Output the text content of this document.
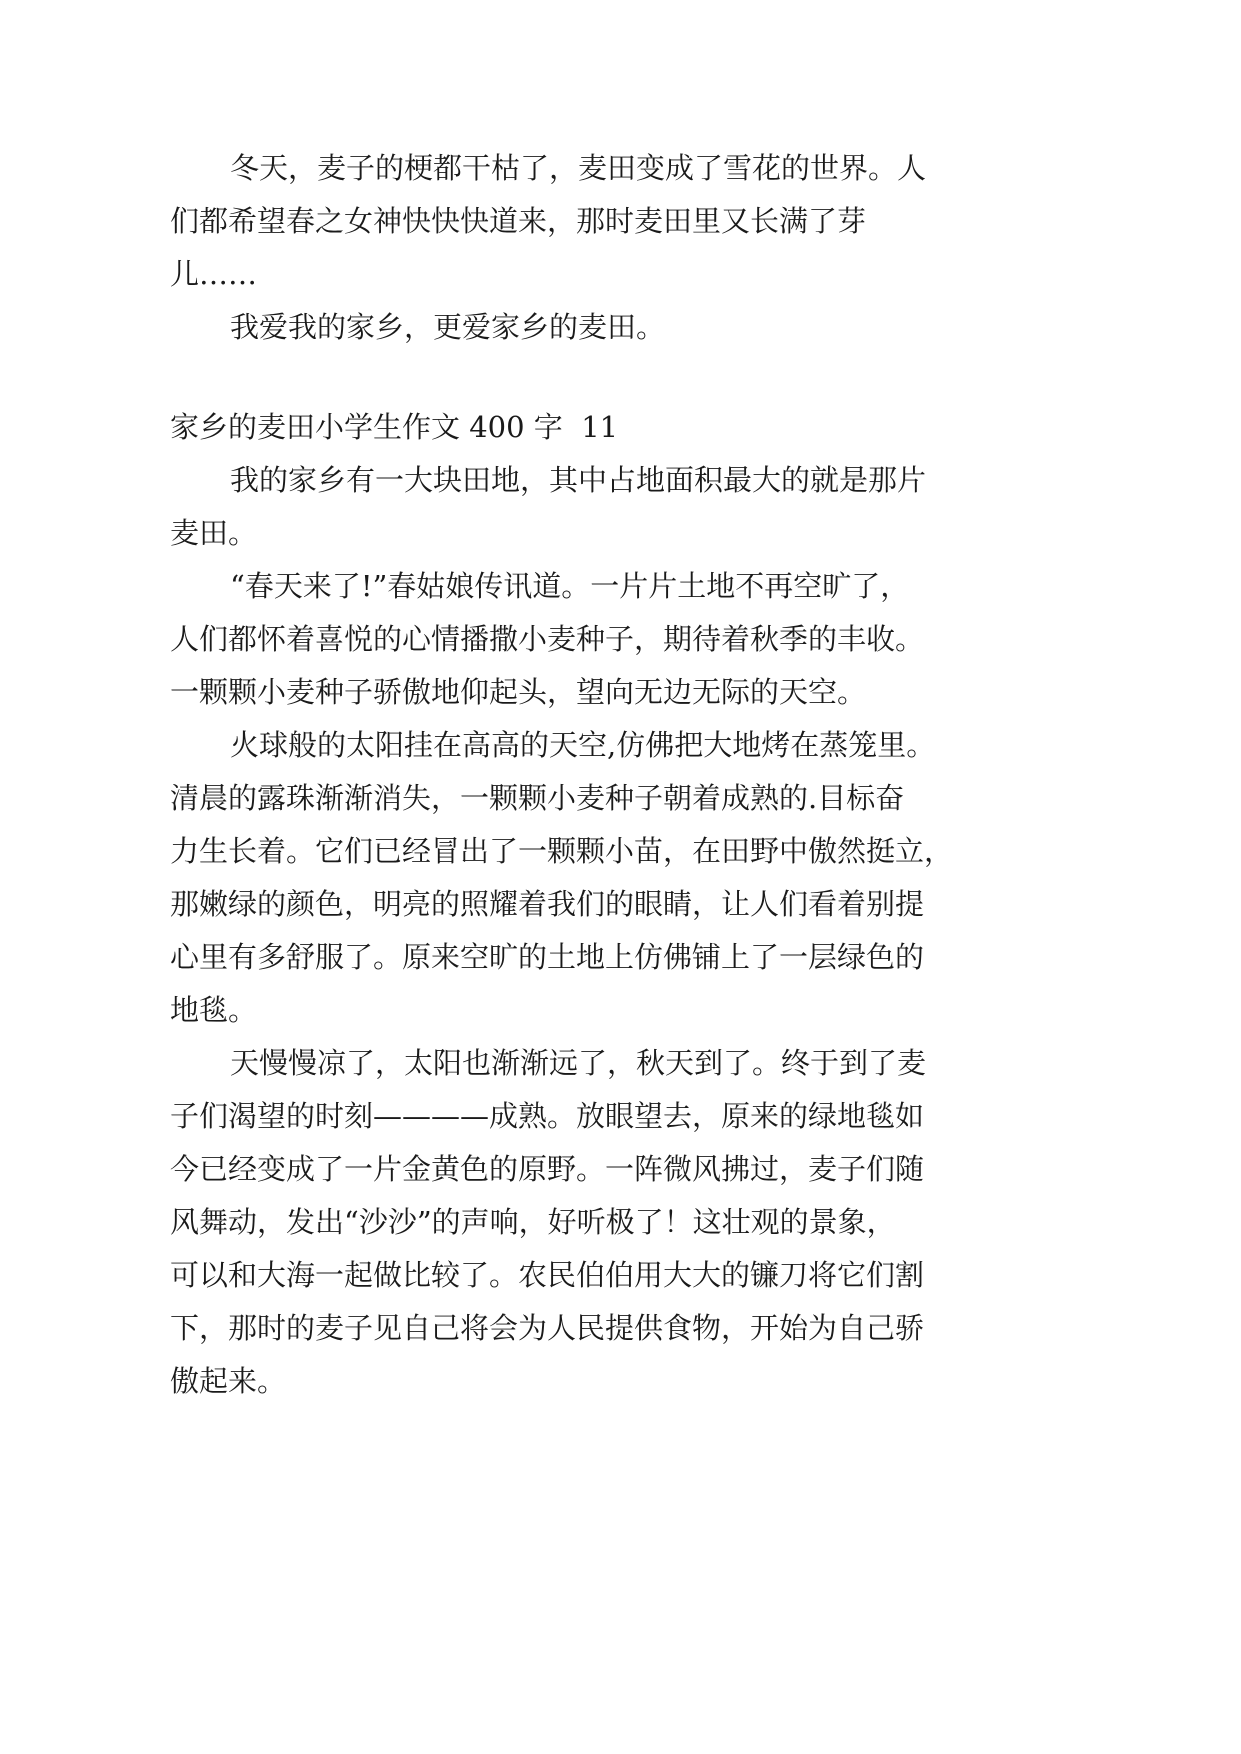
冬天，麦子的梗都干枯了，麦田变成了雪花的世界。人

们都希望春之女神快快快道来，那时麦田里又长满了芽

儿……

我爱我的家乡，更爱家乡的麦田。

家乡的麦田小学生作文 400 字  11

我的家乡有一大块田地，其中占地面积最大的就是那片

麦田。

“春天来了!”春姑娘传讯道。一片片土地不再空旷了，

人们都怀着喜悦的心情播撒小麦种子，期待着秋季的丰收。

一颗颗小麦种子骄傲地仰起头，望向无边无际的天空。

火球般的太阳挂在高高的天空,仿佛把大地烤在蒸笼里。

清晨的露珠渐渐消失，一颗颗小麦种子朝着成熟的.目标奋

力生长着。它们已经冒出了一颗颗小苗，在田野中傲然挺立，

那嫩绿的颜色，明亮的照耀着我们的眼睛，让人们看着别提

心里有多舒服了。原来空旷的土地上仿佛铺上了一层绿色的

地毯。

天慢慢凉了，太阳也渐渐远了，秋天到了。终于到了麦

子们渴望的时刻————成熟。放眼望去，原来的绿地毯如

今已经变成了一片金黄色的原野。一阵微风拂过，麦子们随

风舞动，发出“沙沙”的声响，好听极了！这壮观的景象，

可以和大海一起做比较了。农民伯伯用大大的镰刀将它们割

下，那时的麦子见自己将会为人民提供食物，开始为自己骄

傲起来。
